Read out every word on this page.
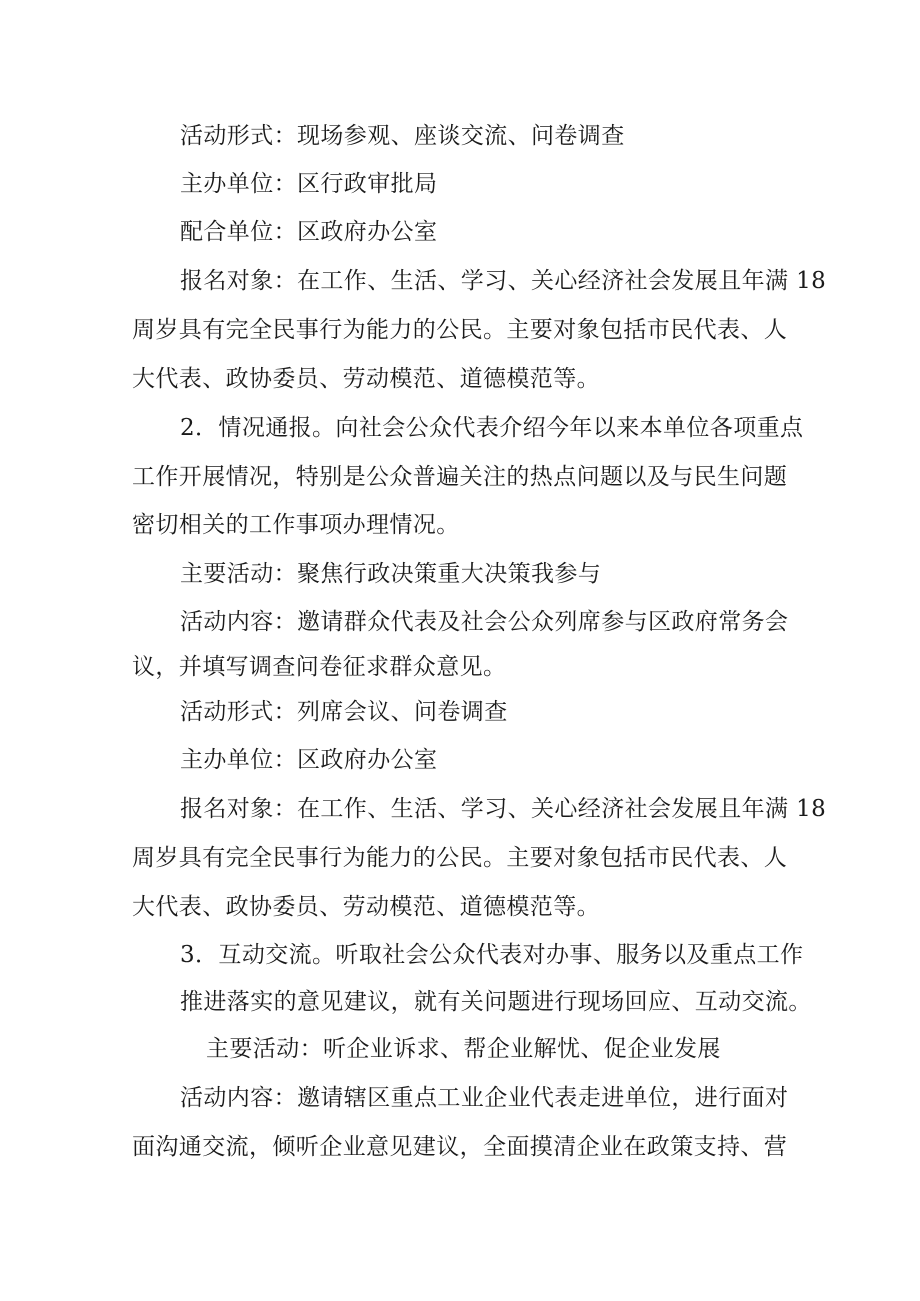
活动形式：现场参观、座谈交流、问卷调查
主办单位：区行政审批局
配合单位：区政府办公室
报名对象：在工作、生活、学习、关心经济社会发展且年满 18
周岁具有完全民事行为能力的公民。主要对象包括市民代表、人
大代表、政协委员、劳动模范、道德模范等。
2．情况通报。向社会公众代表介绍今年以来本单位各项重点
工作开展情况，特别是公众普遍关注的热点问题以及与民生问题
密切相关的工作事项办理情况。
主要活动：聚焦行政决策重大决策我参与
活动内容：邀请群众代表及社会公众列席参与区政府常务会
议，并填写调查问卷征求群众意见。
活动形式：列席会议、问卷调查
主办单位：区政府办公室
报名对象：在工作、生活、学习、关心经济社会发展且年满 18
周岁具有完全民事行为能力的公民。主要对象包括市民代表、人
大代表、政协委员、劳动模范、道德模范等。
3．互动交流。听取社会公众代表对办事、服务以及重点工作
推进落实的意见建议，就有关问题进行现场回应、互动交流。
主要活动：听企业诉求、帮企业解忧、促企业发展
活动内容：邀请辖区重点工业企业代表走进单位，进行面对
面沟通交流，倾听企业意见建议，全面摸清企业在政策支持、营
